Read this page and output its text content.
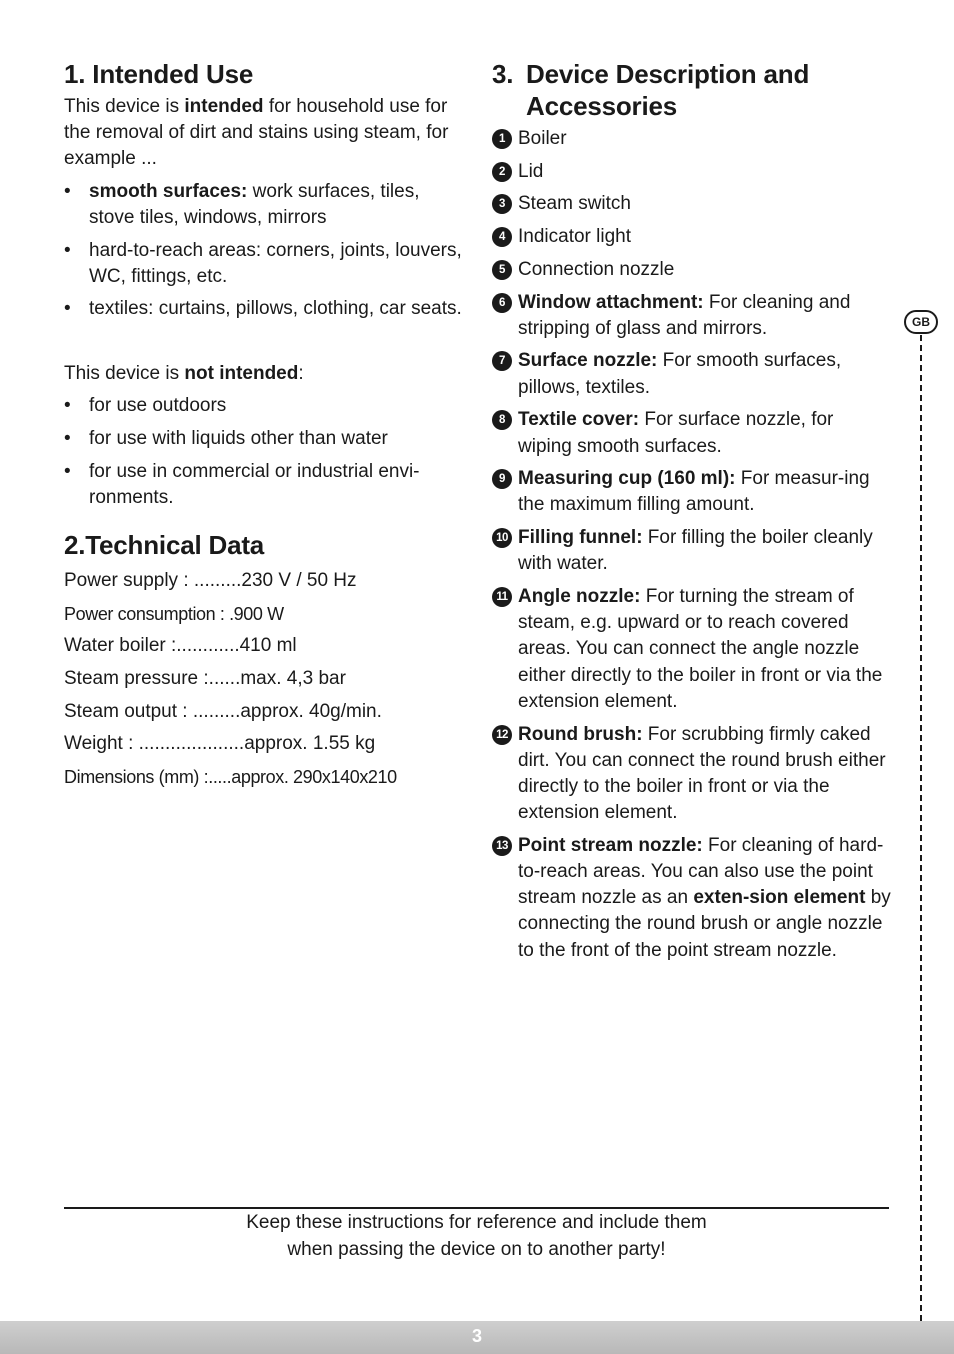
1. Intended Use

This device is intended for household use for the removal of dirt and stains using steam, for example ...

• smooth surfaces: work surfaces, tiles, stove tiles, windows, mirrors
• hard-to-reach areas: corners, joints, louvers, WC, fittings, etc.
• textiles: curtains, pillows, clothing, car seats.

This device is not intended:

• for use outdoors
• for use with liquids other than water
• for use in commercial or industrial envi-ronments.
2.Technical Data
Power supply : .........230 V / 50 Hz
Power consumption : .900 W
Water boiler :............410 ml
Steam pressure :......max. 4,3 bar
Steam output : .........approx. 40g/min.
Weight : ....................approx. 1.55 kg
Dimensions (mm) :.....approx. 290x140x210
3. Device Description and Accessories
1 Boiler
2 Lid
3 Steam switch
4 Indicator light
5 Connection nozzle
6 Window attachment: For cleaning and stripping of glass and mirrors.
7 Surface nozzle: For smooth surfaces, pillows, textiles.
8 Textile cover: For surface nozzle, for wiping smooth surfaces.
9 Measuring cup (160 ml): For measur-ing the maximum filling amount.
10 Filling funnel: For filling the boiler cleanly with water.
11 Angle nozzle: For turning the stream of steam, e.g. upward or to reach covered areas. You can connect the angle nozzle either directly to the boiler in front or via the extension element.
12 Round brush: For scrubbing firmly caked dirt. You can connect the round brush either directly to the boiler in front or via the extension element.
13 Point stream nozzle: For cleaning of hard-to-reach areas. You can also use the point stream nozzle as an exten-sion element by connecting the round brush or angle nozzle to the front of the point stream nozzle.
GB
Keep these instructions for reference and include them
when passing the device on to another party!
3
